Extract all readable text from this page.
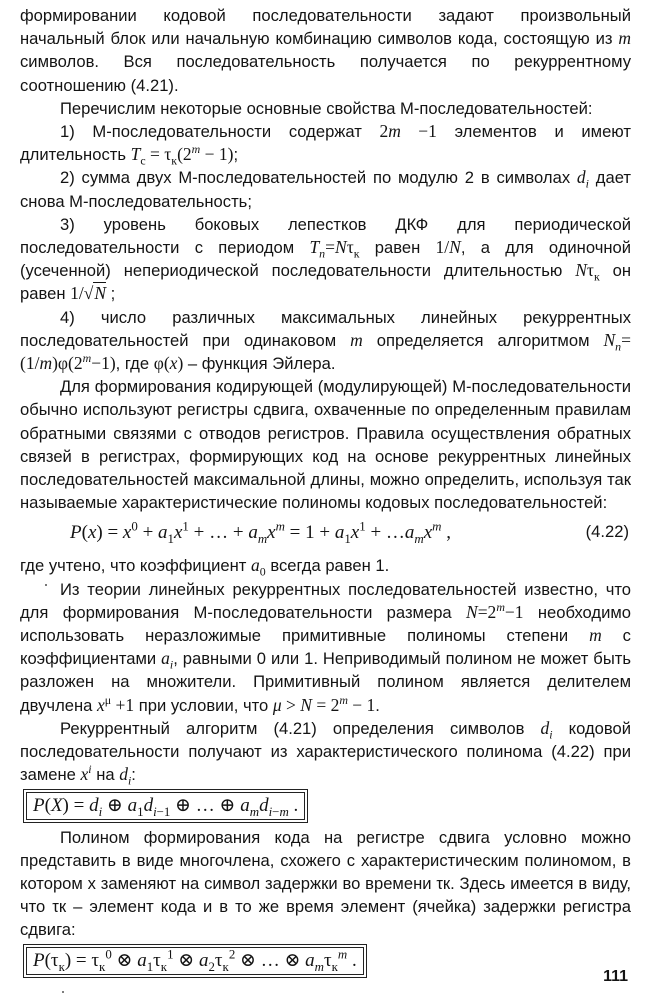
формировании кодовой последовательности задают произвольный начальный блок или начальную комбинацию символов кода, состоящую из m символов. Вся последовательность получается по рекуррентному соотношению (4.21).

Перечислим некоторые основные свойства М-последовательностей:

1) М-последовательности содержат 2m −1 элементов и имеют длительность $T_c = \tau_к(2^m - 1)$;

2) сумма двух М-последовательностей по модулю 2 в символах $d_i$ дает снова М-последовательность;

3) уровень боковых лепестков ДКФ для периодической последовательности с периодом $T_n=N\tau_к$ равен 1/N, а для одиночной (усеченной) непериодической последовательности длительностью $N\tau_к$ он равен 1/√N ;

4) число различных максимальных линейных рекуррентных последовательностей при одинаковом m определяется алгоритмом $N_n=(1/m)\varphi(2^m-1)$, где φ(x) – функция Эйлера.

Для формирования кодирующей (модулирующей) М-последовательности обычно используют регистры сдвига, охваченные по определенным правилам обратными связями с отводов регистров. Правила осуществления обратных связей в регистрах, формирующих код на основе рекуррентных линейных последовательностей максимальной длины, можно определить, используя так называемые характеристические полиномы кодовых последовательностей:

$P(x) = x^0 + a_1x^1$ + … + $a_mx^m = 1 + a_1x^1$ + $\dots a_mx^m$ ,	(4.22)

где учтено, что коэффициент $a_0$ всегда равен 1.

Из теории линейных рекуррентных последовательностей известно, что для формирования М-последовательности размера $N=2^m-1$ необходимо использовать неразложимые примитивные полиномы степени m с коэффициентами $a_i$, равными 0 или 1. Неприводимый полином не может быть разложен на множители. Примитивный полином является делителем двучлена $x^\mu +1$ при условии, что $\mu > N = 2^m - 1$.

Рекуррентный алгоритм (4.21) определения символов $d_i$ кодовой последовательности получают из характеристического полинома (4.22) при замене $x^i$ на $d_i$:

$P(X) = d_i$ ⊕ $a_1d_{i-1}$ ⊕ … ⊕ $a_md_{i-m}$ .

Полином формирования кода на регистре сдвига условно можно представить в виде многочлена, схожего с характеристическим полиномом, в котором x заменяют на символ задержки во времени τк. Здесь имеется в виду, что τк – элемент кода и в то же время элемент (ячейка) задержки регистра сдвига:

$P(\tau_к) = \tau_к^0$ ⊗ $a_1\tau_к^1$ ⊗ $a_2\tau_к^2$ ⊗ … ⊗ $a_m\tau_к^m$ .
111
